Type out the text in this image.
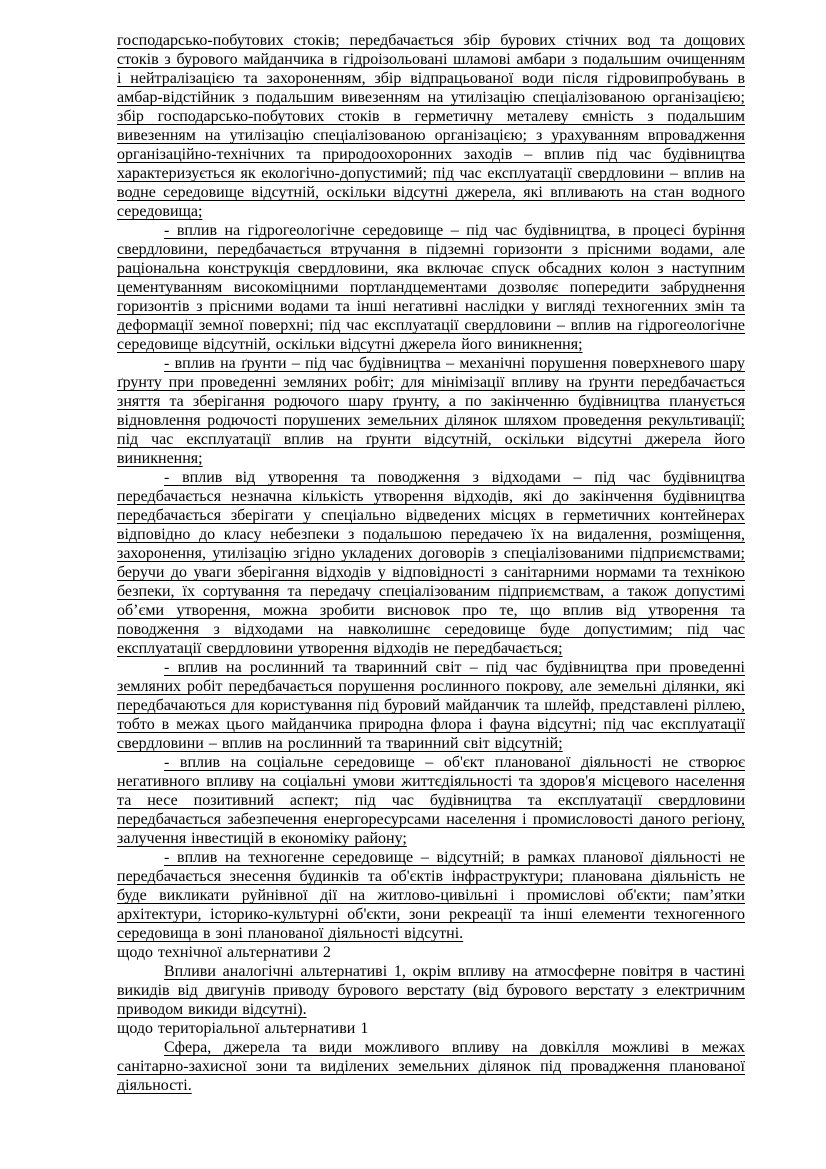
господарсько-побутових стоків; передбачається збір бурових стічних вод та дощових стоків з бурового майданчика в гідроізольовані шламові амбари з подальшим очищенням і нейтралізацією та захороненням, збір відпрацьованої води після гідровипробувань в амбар-відстійник з подальшим вивезенням на утилізацію спеціалізованою організацією; збір господарсько-побутових стоків в герметичну металеву ємність з подальшим вивезенням на утилізацію спеціалізованою організацією; з урахуванням впровадження організаційно-технічних та природоохоронних заходів – вплив під час будівництва характеризується як екологічно-допустимий; під час експлуатації свердловини – вплив на водне середовище відсутній, оскільки відсутні джерела, які впливають на стан водного середовища;

- вплив на гідрогеологічне середовище – під час будівництва, в процесі буріння свердловини, передбачається втручання в підземні горизонти з прісними водами, але раціональна конструкція свердловини, яка включає спуск обсадних колон з наступним цементуванням високоміцними портландцементами дозволяє попередити забруднення горизонтів з прісними водами та інші негативні наслідки у вигляді техногенних змін та деформації земної поверхні; під час експлуатації свердловини – вплив на гідрогеологічне середовище відсутній, оскільки відсутні джерела його виникнення;

- вплив на ґрунти – під час будівництва – механічні порушення поверхневого шару ґрунту при проведенні земляних робіт; для мінімізації впливу на ґрунти передбачається зняття та зберігання родючого шару ґрунту, а по закінченню будівництва планується відновлення родючості порушених земельних ділянок шляхом проведення рекультивації; під час експлуатації вплив на ґрунти відсутній, оскільки відсутні джерела його виникнення;

- вплив від утворення та поводження з відходами – під час будівництва передбачається незначна кількість утворення відходів, які до закінчення будівництва передбачається зберігати у спеціально відведених місцях в герметичних контейнерах відповідно до класу небезпеки з подальшою передачею їх на видалення, розміщення, захоронення, утилізацію згідно укладених договорів з спеціалізованими підприємствами; беручи до уваги зберігання відходів у відповідності з санітарними нормами та технікою безпеки, їх сортування та передачу спеціалізованим підприємствам, а також допустимі об’єми утворення, можна зробити висновок про те, що вплив від утворення та поводження з відходами на навколишнє середовище буде допустимим; під час експлуатації свердловини утворення відходів не передбачається;

- вплив на рослинний та тваринний світ – під час будівництва при проведенні земляних робіт передбачається порушення рослинного покрову, але земельні ділянки, які передбачаються для користування під буровий майданчик та шлейф, представлені ріллею, тобто в межах цього майданчика природна флора і фауна відсутні; під час експлуатації свердловини – вплив на рослинний та тваринний світ відсутній;

- вплив на соціальне середовище – об'єкт планованої діяльності не створює негативного впливу на соціальні умови життєдіяльності та здоров'я місцевого населення та несе позитивний аспект; під час будівництва та експлуатації свердловини передбачається забезпечення енергоресурсами населення і промисловості даного регіону, залучення інвестицій в економіку району;

- вплив на техногенне середовище – відсутній; в рамках планової діяльності не передбачається знесення будинків та об'єктів інфраструктури; планована діяльність не буде викликати руйнівної дії на житлово-цивільні і промислові об'єкти; пам’ятки архітектури, історико-культурні об'єкти, зони рекреації та інші елементи техногенного середовища в зоні планованої діяльності відсутні.

щодо технічної альтернативи 2

Впливи аналогічні альтернативі 1, окрім впливу на атмосферне повітря в частині викидів від двигунів приводу бурового верстату (від бурового верстату з електричним приводом викиди відсутні).

щодо територіальної альтернативи 1

Сфера, джерела та види можливого впливу на довкілля можливі в межах санітарно-захисної зони та виділених земельних ділянок під провадження планованої діяльності.
